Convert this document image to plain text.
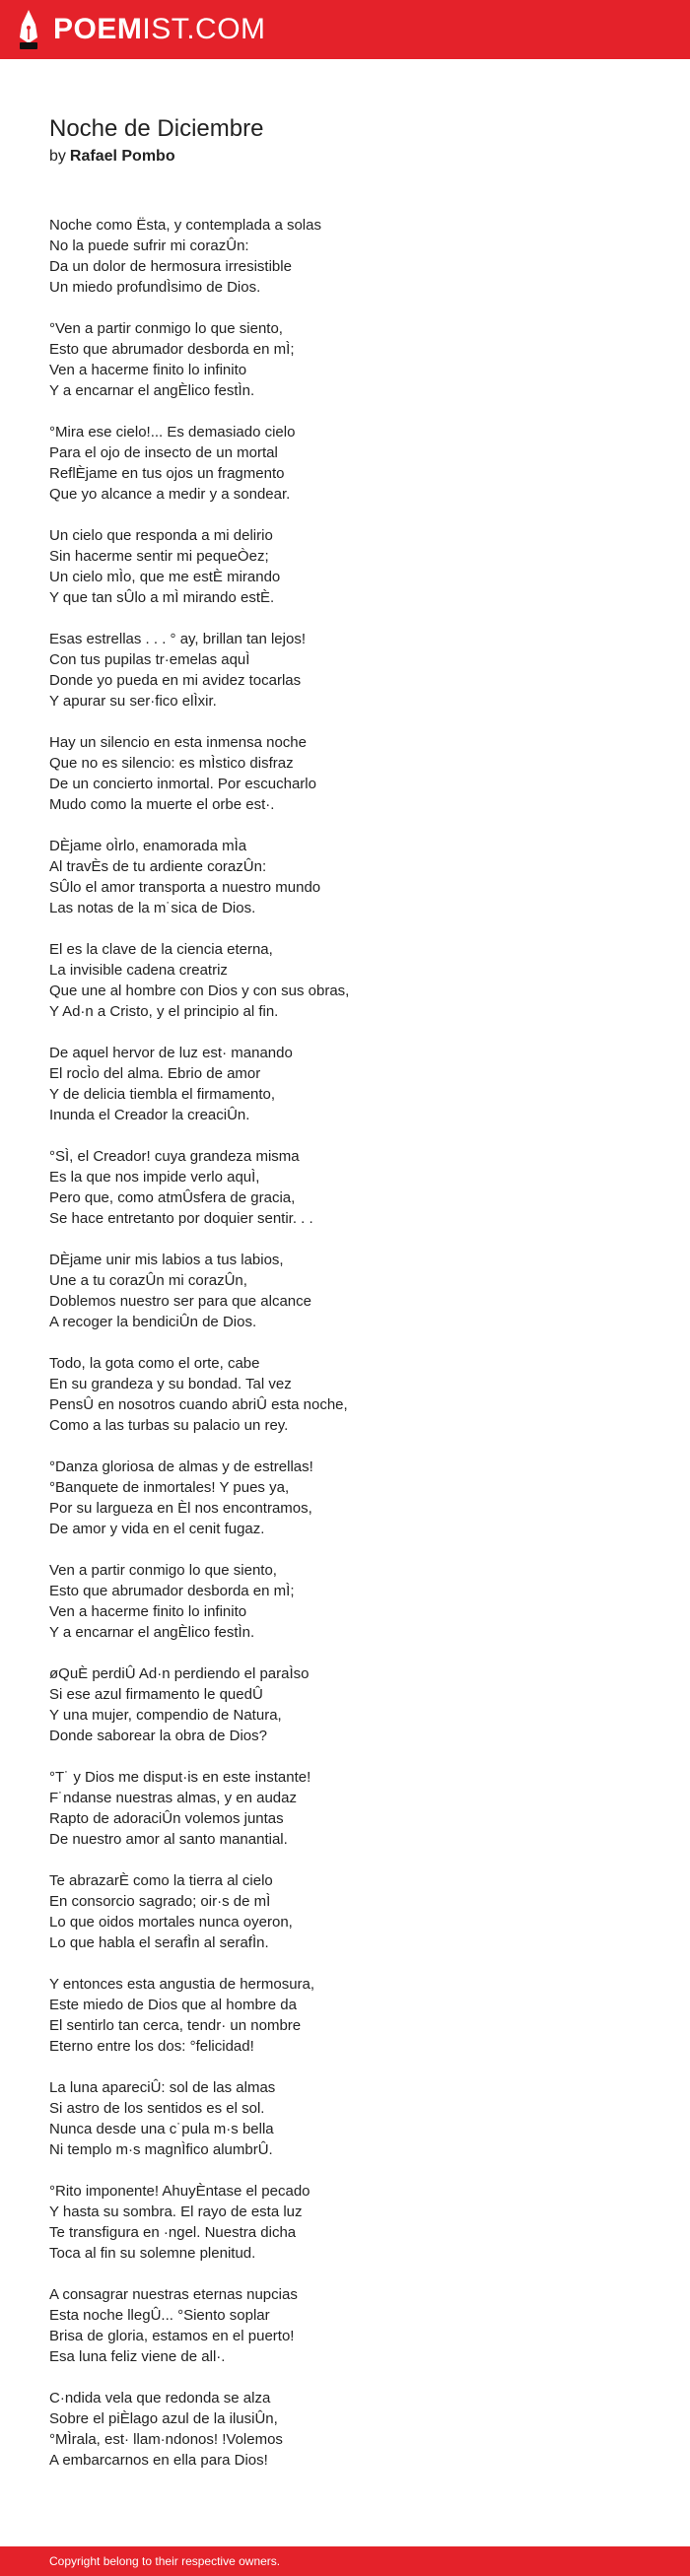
POEMIST.COM
Noche de Diciembre

by Rafael Pombo

Noche como Ësta, y contemplada a solas
No la puede sufrir mi corazÛn:
Da un dolor de hermosura irresistible
Un miedo profundÌsimo de Dios.

°Ven a partir conmigo lo que siento,
Esto que abrumador desborda en mÌ;
Ven a hacerme finito lo infinito
Y a encarnar el angÈlico festÌn.

°Mira ese cielo!... Es demasiado cielo
Para el ojo de insecto de un mortal
ReflÈjame en tus ojos un fragmento
Que yo alcance a medir y a sondear.

Un cielo que responda a mi delirio
Sin hacerme sentir mi pequeÒez;
Un cielo mÌo, que me estÈ mirando
Y que tan sÛlo a mÌ mirando estÈ.

Esas estrellas . . . ° ay, brillan tan lejos!
Con tus pupilas tr·emelas aquÌ
Donde yo pueda en mi avidez tocarlas
Y apurar su ser·fico elÌxir.

Hay un silencio en esta inmensa noche
Que no es silencio: es mÌstico disfraz
De un concierto inmortal. Por escucharlo
Mudo como la muerte el orbe est·.

DÈjame oÌrlo, enamorada mÌa
Al travÈs de tu ardiente corazÛn:
SÛlo el amor transporta a nuestro mundo
Las notas de la m˙sica de Dios.

El es la clave de la ciencia eterna,
La invisible cadena creatriz
Que une al hombre con Dios y con sus obras,
Y Ad·n a Cristo, y el principio al fin.

De aquel hervor de luz est· manando
El rocÌo del alma. Ebrio de amor
Y de delicia tiembla el firmamento,
Inunda el Creador la creaciÛn.

°SÌ, el Creador! cuya grandeza misma
Es la que nos impide verlo aquÌ,
Pero que, como atmÛsfera de gracia,
Se hace entretanto por doquier sentir. . .

DÈjame unir mis labios a tus labios,
Une a tu corazÛn mi corazÛn,
Doblemos nuestro ser para que alcance
A recoger la bendiciÛn de Dios.

Todo, la gota como el orte, cabe
En su grandeza y su bondad. Tal vez
PensÛ en nosotros cuando abriÛ esta noche,
Como a las turbas su palacio un rey.

°Danza gloriosa de almas y de estrellas!
°Banquete de inmortales! Y pues ya,
Por su largueza en Èl nos encontramos,
De amor y vida en el cenit fugaz.

Ven a partir conmigo lo que siento,
Esto que abrumador desborda en mÌ;
Ven a hacerme finito lo infinito
Y a encarnar el angÈlico festÌn.

øQuÈ perdiÛ Ad·n perdiendo el paraÌso
Si ese azul firmamento le quedÛ
Y una mujer, compendio de Natura,
Donde saborear la obra de Dios?

°T˙ y Dios me disput·is en este instante!
F˙ndanse nuestras almas, y en audaz
Rapto de adoraciÛn volemos juntas
De nuestro amor al santo manantial.

Te abrazarÈ como la tierra al cielo
En consorcio sagrado; oir·s de mÌ
Lo que oidos mortales nunca oyeron,
Lo que habla el serafÌn al serafÌn.

Y entonces esta angustia de hermosura,
Este miedo de Dios que al hombre da
El sentirlo tan cerca, tendr· un nombre
Eterno entre los dos: °felicidad!

La luna apareciÛ: sol de las almas
Si astro de los sentidos es el sol.
Nunca desde una c˙pula m·s bella
Ni templo m·s magnÌfico alumbrÛ.

°Rito imponente! AhuyÈntase el pecado
Y hasta su sombra. El rayo de esta luz
Te transfigura en ·ngel. Nuestra dicha
Toca al fin su solemne plenitud.

A consagrar nuestras eternas nupcias
Esta noche llegÛ... °Siento soplar
Brisa de gloria, estamos en el puerto!
Esa luna feliz viene de all·.

C·ndida vela que redonda se alza
Sobre el piÈlago azul de la ilusiÛn,
°MÌrala, est· llam·ndonos! !Volemos
A embarcarnos en ella para Dios!

Copyright belong to their respective owners.
